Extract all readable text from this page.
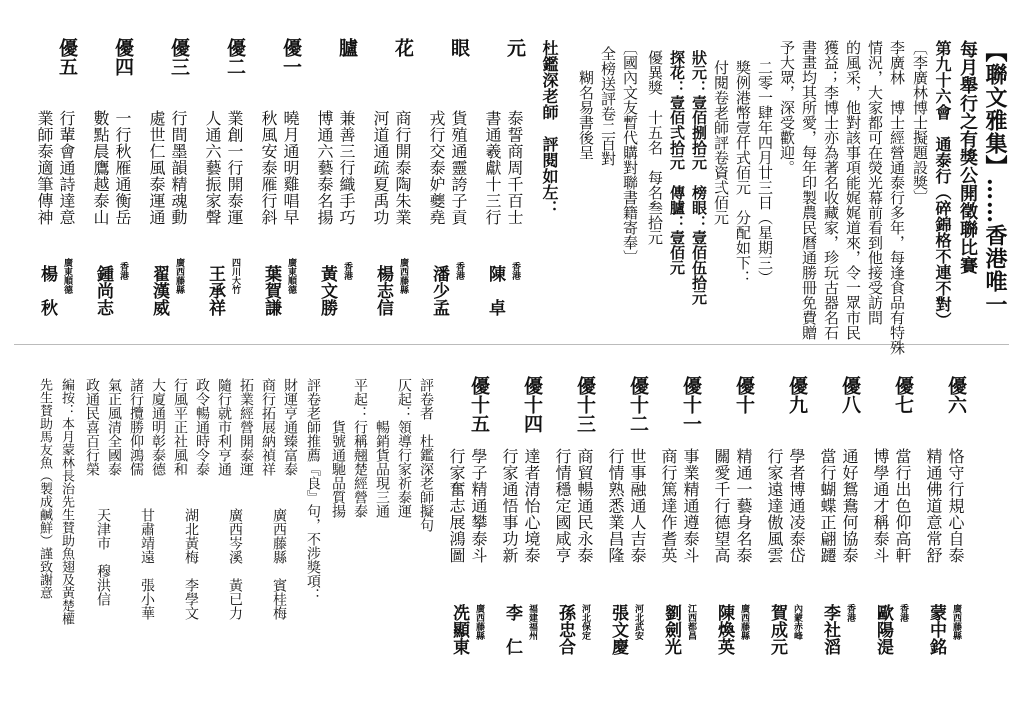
【聯文雅集】……香港唯一
每月舉行之有獎公開徵聯比賽
第九十六會　通泰行（碎錦格不連不對）
〔李廣林博士擬題設獎〕
李廣林　博士經營通泰行多年，每逢食品有特殊
情況，大家都可在熒光幕前看到他接受訪問
的風采，他對該事項能娓娓道來，令一眾市民
獲益；李博士亦為著名收藏家，珍玩古器名石
書畫均其所愛，每年印製農民曆通勝冊免費贈
予大眾，深受歡迎。
二零一肆年四月廿三日（星期三）
獎例港幣壹仟式佰元　分配如下：
付閱卷老師評卷資弍佰元
狀元：壹佰捌拾元　榜眼：壹佰伍拾元
探花：壹佰弍拾元　傳臚：壹佰元
優異獎　十五名　每名叁拾元
〔國內文友暫代購對聯書籍寄奉〕
全榜送評卷二百對
糊名易書後呈
杜鑑深老師　評閱如左：
元
泰誓商周千百士
書通羲獻十三行
香港
陳　卓
眼
貨殖通靈誇子貢
戎行交泰妒夔堯
香港
潘少孟
花
商行開泰陶朱業
河道通疏夏禹功
廣西藤縣
楊志信
臚
兼善三行織手巧
博通六藝泰名揚
香港
黃文勝
優一
曉月通明雞唱早
秋風安泰雁行斜
廣東順德
葉賀謙
優二
業創一行開泰運
人通六藝振家聲
四川大竹
王承祥
優三
行間墨韻精魂動
處世仁風泰運通
廣西藤縣
翟漢威
優四
一行秋雁通衡岳
數點晨鷹越泰山
香港
鍾尚志
優五
行輩會通詩達意
業師泰適筆傳神
廣東順德
楊　秋
優六
恪守行規心自泰
精通佛道意常舒
廣西藤縣
蒙中銘
優七
當行出色仰高軒
博學通才稱泰斗
香港
歐陽湜
優八
通好鴛鴦何協泰
當行蝴蝶正翩躚
香港
李社滔
優九
學者博通凌泰岱
行家遠達傲風雲
內蒙赤峰
賀成元
優十
精通一藝身名泰
關愛千行德望高
廣西藤縣
陳煥英
優十一
事業精通遵泰斗
商行篤達作耆英
江西都昌
劉劍光
優十二
世事融通人吉泰
行情熟悉業昌隆
河北武安
張文慶
優十三
商貿暢通民永泰
行情穩定國咸亨
河北保定
孫忠合
優十四
達者清怡心境泰
行家通悟事功新
福建福州
李　仁
優十五
學子精通攀泰斗
行家奮志展鴻圖
廣西藤縣
冼顯東
評卷者　杜鑑深老師擬句
仄起：領導行家祈泰運
暢銷貨品現三通
平起：行稱翹楚經營泰
貨號通馳品質揚
評卷老師推薦『良』句，不涉獎項：
財運亨通臻富泰
商行拓展納禎祥
廣西藤縣　賓桂梅
拓業經營開泰運
隨行就市利亨通
廣西岑溪　黃已力
政令暢通時令泰
行風平正社風和
湖北黃梅　李學文
大廈通明彰泰德
諸行攬勝仰鴻儒
甘肅靖遠　張小華
氣正風清全國泰
政通民喜百行榮
天津市　穆洪信
編按：本月蒙林長治先生賛助魚翅及黃楚權
先生賛助馬友魚（製成鹹鮮）謹致謝意
